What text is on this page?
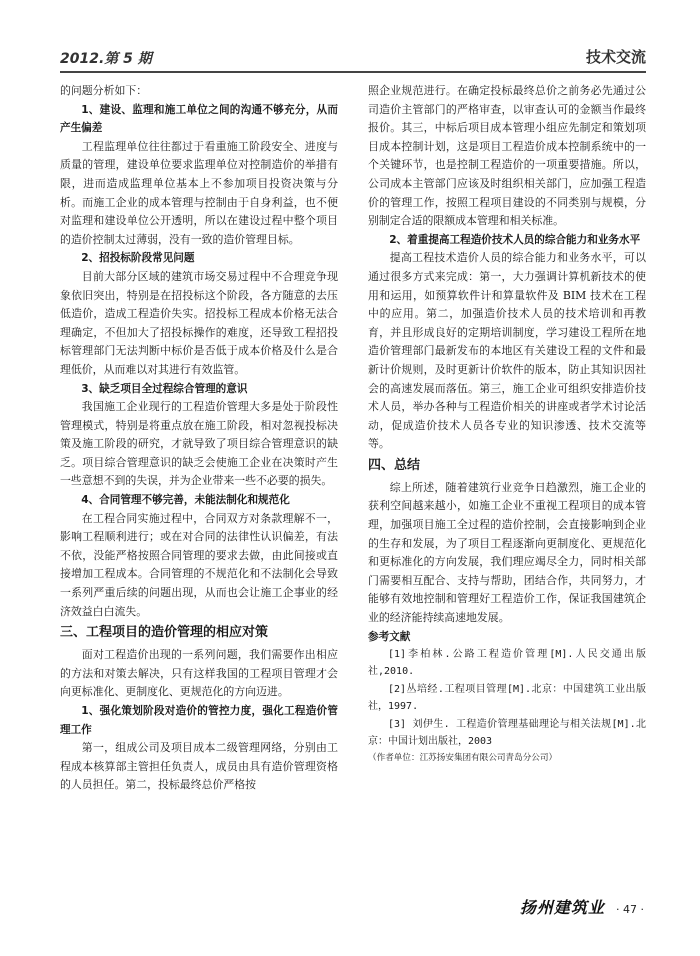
2012.第 5 期	技术交流

的问题分析如下：

1、建设、监理和施工单位之间的沟通不够充分，从而产生偏差

工程监理单位往往都过于看重施工阶段安全、进度与质量的管理，建设单位要求监理单位对控制造价的举措有限，进而造成监理单位基本上不参加项目投资决策与分析。而施工企业的成本管理与控制由于自身利益，也不便对监理和建设单位公开透明，所以在建设过程中整个项目的造价控制太过薄弱，没有一致的造价管理目标。

2、招投标阶段常见问题

目前大部分区域的建筑市场交易过程中不合理竞争现象依旧突出，特别是在招投标这个阶段，各方随意的去压低造价，造成工程造价失实。招投标工程成本价格无法合理确定，不但加大了招投标操作的难度，还导致工程招投标管理部门无法判断中标价是否低于成本价格及什么是合理低价，从而难以对其进行有效监管。

3、缺乏项目全过程综合管理的意识

我国施工企业现行的工程造价管理大多是处于阶段性管理模式，特别是将重点放在施工阶段，相对忽视投标决策及施工阶段的研究，才就导致了项目综合管理意识的缺乏。项目综合管理意识的缺乏会使施工企业在决策时产生一些意想不到的失误，并为企业带来一些不必要的损失。

4、合同管理不够完善，未能法制化和规范化

在工程合同实施过程中，合同双方对条款理解不一，影响工程顺利进行；或在对合同的法律性认识偏差，有法不依，没能严格按照合同管理的要求去做，由此间接或直接增加工程成本。合同管理的不规范化和不法制化会导致一系列严重后续的问题出现，从而也会让施工企事业的经济效益白白流失。

三、工程项目的造价管理的相应对策

面对工程造价出现的一系列问题，我们需要作出相应的方法和对策去解决，只有这样我国的工程项目管理才会向更标准化、更制度化、更规范化的方向迈进。

1、强化策划阶段对造价的管控力度，强化工程造价管理工作

第一，组成公司及项目成本二级管理网络，分别由工程成本核算部主管担任负责人，成员由具有造价管理资格的人员担任。第二，投标最终总价严格按

照企业规范进行。在确定投标最终总价之前务必先通过公司造价主管部门的严格审查，以审查认可的金额当作最终报价。其三，中标后项目成本管理小组应先制定和策划项目成本控制计划，这是项目工程造价成本控制系统中的一个关键环节，也是控制工程造价的一项重要措施。所以，公司成本主管部门应该及时组织相关部门，应加强工程造价的管理工作，按照工程项目建设的不同类别与规模，分别制定合适的限额成本管理和相关标准。

2、着重提高工程造价技术人员的综合能力和业务水平

提高工程技术造价人员的综合能力和业务水平，可以通过很多方式来完成：第一，大力强调计算机新技术的使用和运用，如预算软件计和算量软件及 BIM 技术在工程中的应用。第二，加强造价技术人员的技术培训和再教育，并且形成良好的定期培训制度，学习建设工程所在地造价管理部门最新发布的本地区有关建设工程的文件和最新计价规则，及时更新计价软件的版本，防止其知识因社会的高速发展而落伍。第三，施工企业可组织安排造价技术人员，举办各种与工程造价相关的讲座或者学术讨论活动，促成造价技术人员各专业的知识渗透、技术交流等等。

四、总结

综上所述，随着建筑行业竞争日趋激烈，施工企业的获利空间越来越小，如施工企业不重视工程项目的成本管理，加强项目施工全过程的造价控制，会直接影响到企业的生存和发展，为了项目工程逐渐向更制度化、更规范化和更标准化的方向发展，我们理应竭尽全力，同时相关部门需要相互配合、支持与帮助，团结合作，共同努力，才能够有效地控制和管理好工程造价工作，保证我国建筑企业的经济能持续高速地发展。

参考文献

[1]李柏林.公路工程造价管理[M].人民交通出版社,2010.

[2]丛培经.工程项目管理[M].北京：中国建筑工业出版社，1997.

[3] 刘伊生. 工程造价管理基础理论与相关法规[M].北京：中国计划出版社，2003

（作者单位：江苏扬安集团有限公司青岛分公司）

扬州建筑业 · 47 ·
